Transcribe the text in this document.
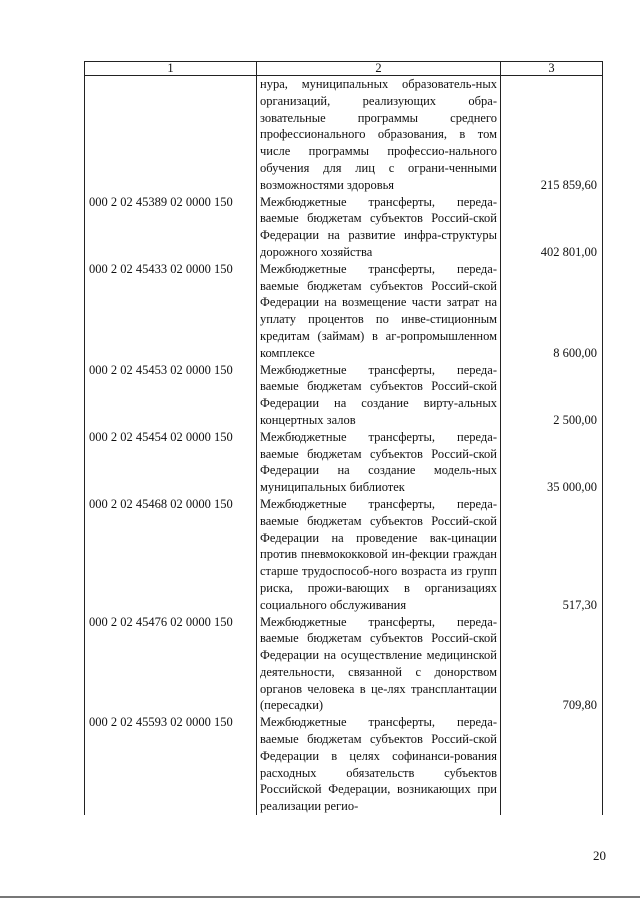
1	2	3
	нура, муниципальных образователь-ных организаций, реализующих обра-зовательные программы среднего профессионального образования, в том числе программы профессио-нального обучения для лиц с ограни-ченными возможностями здоровья	215 859,60
000 2 02 45389 02 0000 150	Межбюджетные трансферты, переда-ваемые бюджетам субъектов Россий-ской Федерации на развитие инфра-структуры дорожного хозяйства	402 801,00
000 2 02 45433 02 0000 150	Межбюджетные трансферты, переда-ваемые бюджетам субъектов Россий-ской Федерации на возмещение части затрат на уплату процентов по инве-стиционным кредитам (займам) в аг-ропромышленном комплексе	8 600,00
000 2 02 45453 02 0000 150	Межбюджетные трансферты, переда-ваемые бюджетам субъектов Россий-ской Федерации на создание вирту-альных концертных залов	2 500,00
000 2 02 45454 02 0000 150	Межбюджетные трансферты, переда-ваемые бюджетам субъектов Россий-ской Федерации на создание модель-ных муниципальных библиотек	35 000,00
000 2 02 45468 02 0000 150	Межбюджетные трансферты, переда-ваемые бюджетам субъектов Россий-ской Федерации на проведение вак-цинации против пневмококковой ин-фекции граждан старше трудоспособ-ного возраста из групп риска, прожи-вающих в организациях социального обслуживания	517,30
000 2 02 45476 02 0000 150	Межбюджетные трансферты, переда-ваемые бюджетам субъектов Россий-ской Федерации на осуществление медицинской деятельности, связанной с донорством органов человека в це-лях трансплантации (пересадки)	709,80
000 2 02 45593 02 0000 150	Межбюджетные трансферты, переда-ваемые бюджетам субъектов Россий-ской Федерации в целях софинанси-рования расходных обязательств субъектов Российской Федерации, возникающих при реализации регио-	
20
